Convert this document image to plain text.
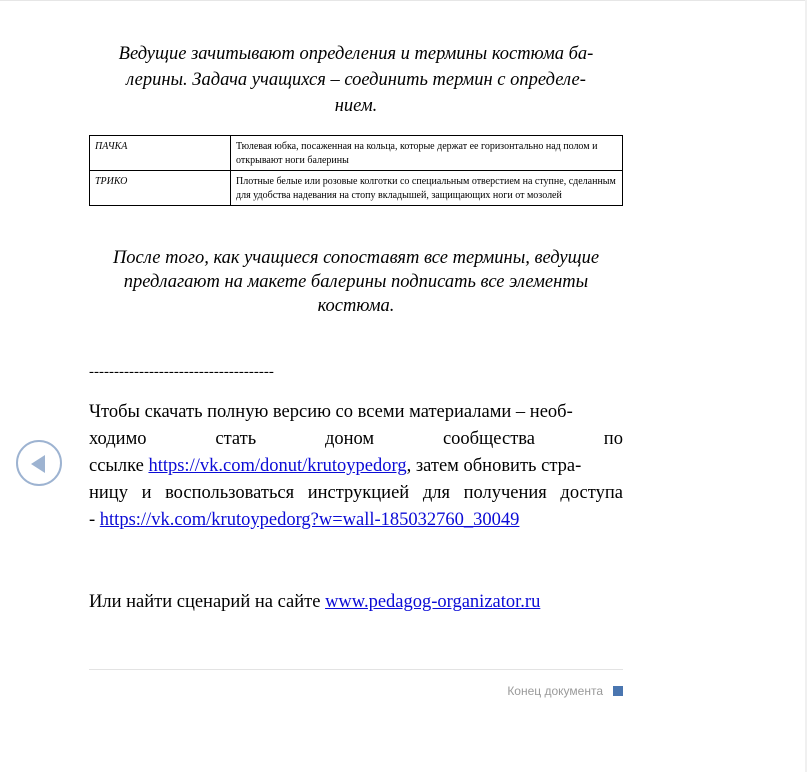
Ведущие зачитывают определения и термины костюма ба-
лерины. Задача учащихся – соединить термин с определе-
нием.

ПАЧКА	Тюлевая юбка, посаженная на кольца, которые держат ее горизонтально над полом и открывают ноги балерины
ТРИКО	Плотные белые или розовые колготки со специальным отверстием на ступне, сделанным для удобства надевания на стопу вкладышей, защищающих ноги от мозолей

После того, как учащиеся сопоставят все термины, ведущие
предлагают на макете балерины подписать все элементы
костюма.

-------------------------------------
Чтобы скачать полную версию со всеми материалами – необ-
ходимо	стать	доном	сообщества	по
ссылке https://vk.com/donut/krutoypedorg, затем обновить стра-
ницу и воспользоваться инструкцией для получения доступа
- https://vk.com/krutoypedorg?w=wall-185032760_30049

Или найти сценарий на сайте www.pedagog-organizator.ru

Конец документа
